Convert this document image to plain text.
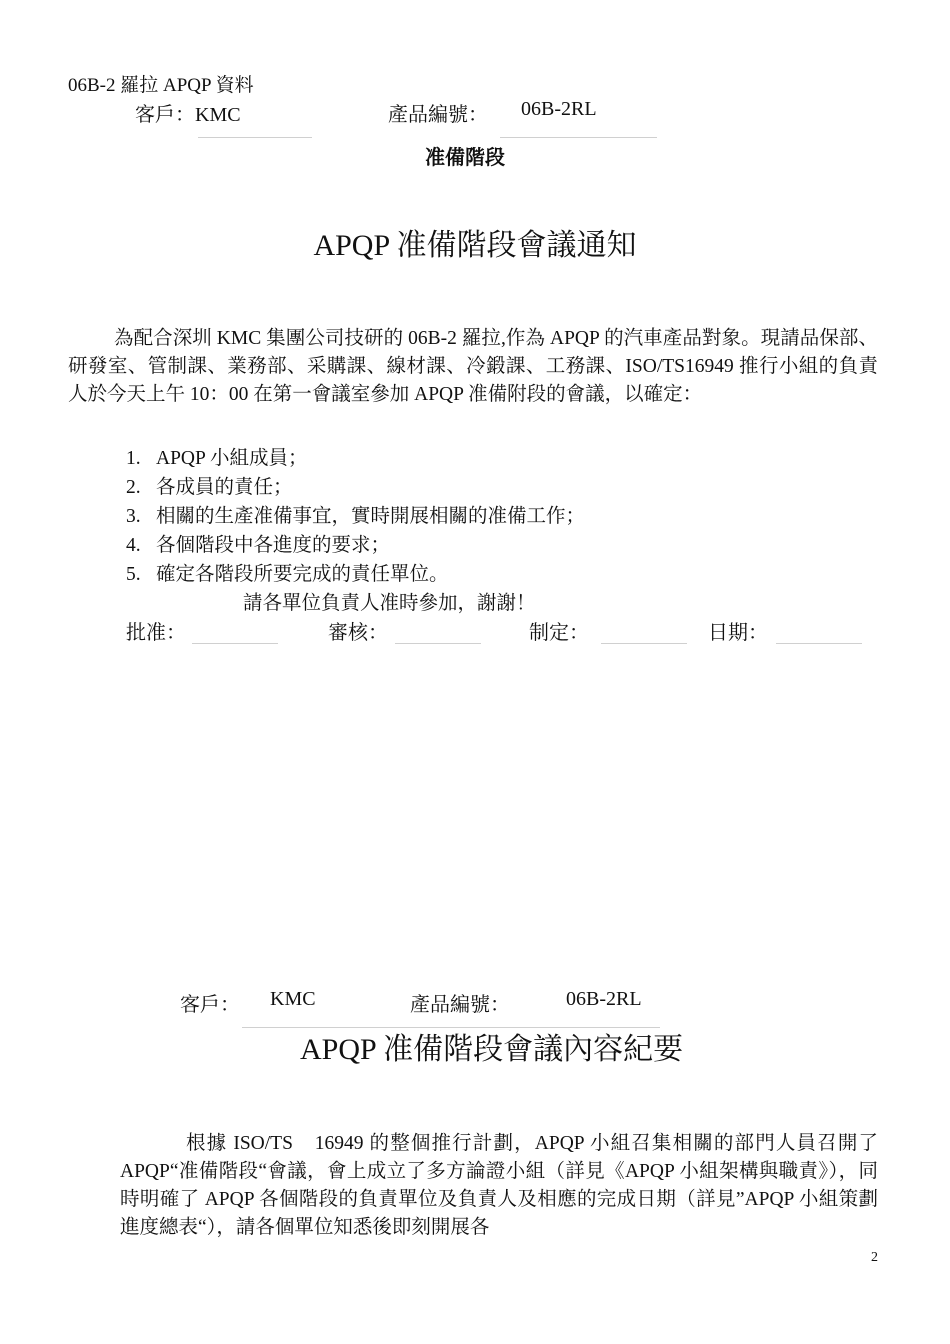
06B-2 羅拉 APQP 資料
客戶：KMC	產品編號： 06B-2RL
准備階段
APQP 准備階段會議通知
為配合深圳 KMC 集團公司技研的 06B-2 羅拉,作為 APQP 的汽車產品對象。現請品保部、研發室、管制課、業務部、采購課、線材課、冷鍛課、工務課、ISO/TS16949 推行小組的負責人於今天上午 10：00 在第一會議室參加 APQP 准備附段的會議，以確定：
1. APQP 小組成員；
2. 各成員的責任；
3. 相關的生產准備事宜，實時開展相關的准備工作；
4. 各個階段中各進度的要求；
5. 確定各階段所要完成的責任單位。
請各單位負責人准時參加，謝謝！
批准：	審核：	制定：	日期：
客戶： KMC	產品編號：	06B-2RL
APQP 准備階段會議內容紀要
根據 ISO/TS　16949 的整個推行計劃，APQP 小組召集相關的部門人員召開了 APQP“准備階段“會議，會上成立了多方論證小組（詳見《APQP 小組架構與職責》），同時明確了 APQP 各個階段的負責單位及負責人及相應的完成日期（詳見”APQP 小組策劃進度總表“），請各個單位知悉後即刻開展各
2
